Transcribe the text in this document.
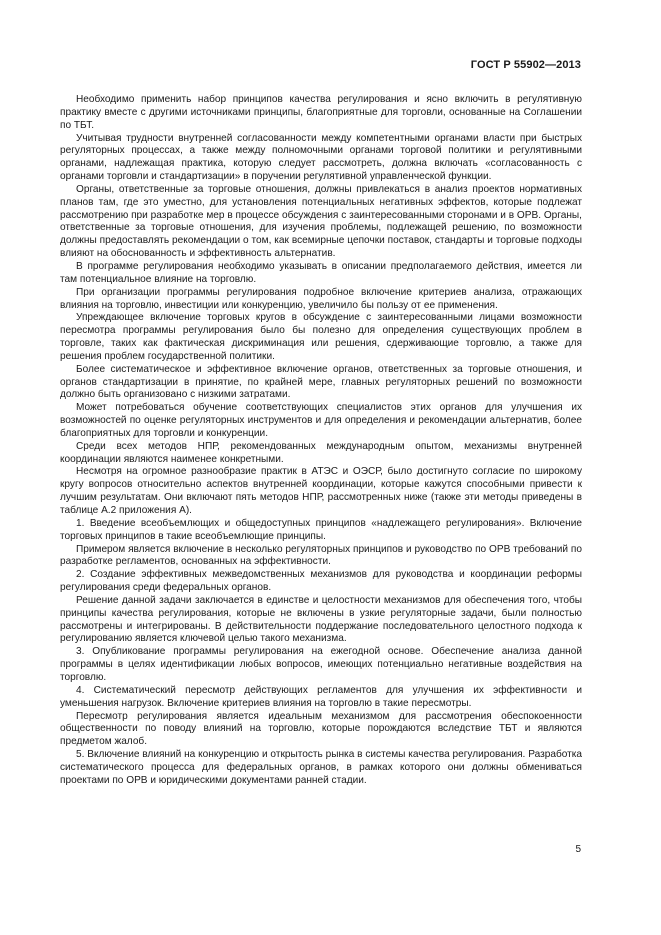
ГОСТ Р 55902—2013

Необходимо применить набор принципов качества регулирования и ясно включить в регулятивную практику вместе с другими источниками принципы, благоприятные для торговли, основанные на Соглашении по ТБТ.

Учитывая трудности внутренней согласованности между компетентными органами власти при быстрых регуляторных процессах, а также между полномочными органами торговой политики и регулятивными органами, надлежащая практика, которую следует рассмотреть, должна включать «согласованность с органами торговли и стандартизации» в поручении регулятивной управленческой функции.

Органы, ответственные за торговые отношения, должны привлекаться в анализ проектов нормативных планов там, где это уместно, для установления потенциальных негативных эффектов, которые подлежат рассмотрению при разработке мер в процессе обсуждения с заинтересованными сторонами и в ОРВ. Органы, ответственные за торговые отношения, для изучения проблемы, подлежащей решению, по возможности должны предоставлять рекомендации о том, как всемирные цепочки поставок, стандарты и торговые подходы влияют на обоснованность и эффективность альтернатив.

В программе регулирования необходимо указывать в описании предполагаемого действия, имеется ли там потенциальное влияние на торговлю.

При организации программы регулирования подробное включение критериев анализа, отражающих влияния на торговлю, инвестиции или конкуренцию, увеличило бы пользу от ее применения.

Упреждающее включение торговых кругов в обсуждение с заинтересованными лицами возможности пересмотра программы регулирования было бы полезно для определения существующих проблем в торговле, таких как фактическая дискриминация или решения, сдерживающие торговлю, а также для решения проблем государственной политики.

Более систематическое и эффективное включение органов, ответственных за торговые отношения, и органов стандартизации в принятие, по крайней мере, главных регуляторных решений по возможности должно быть организовано с низкими затратами.

Может потребоваться обучение соответствующих специалистов этих органов для улучшения их возможностей по оценке регуляторных инструментов и для определения и рекомендации альтернатив, более благоприятных для торговли и конкуренции.

Среди всех методов НПР, рекомендованных международным опытом, механизмы внутренней координации являются наименее конкретными.

Несмотря на огромное разнообразие практик в АТЭС и ОЭСР, было достигнуто согласие по широкому кругу вопросов относительно аспектов внутренней координации, которые кажутся способными привести к лучшим результатам. Они включают пять методов НПР, рассмотренных ниже (также эти методы приведены в таблице А.2 приложения А).

1. Введение всеобъемлющих и общедоступных принципов «надлежащего регулирования». Включение торговых принципов в такие всеобъемлющие принципы.

Примером является включение в несколько регуляторных принципов и руководство по ОРВ требований по разработке регламентов, основанных на эффективности.

2. Создание эффективных межведомственных механизмов для руководства и координации реформы регулирования среди федеральных органов.

Решение данной задачи заключается в единстве и целостности механизмов для обеспечения того, чтобы принципы качества регулирования, которые не включены в узкие регуляторные задачи, были полностью рассмотрены и интегрированы. В действительности поддержание последовательного целостного подхода к регулированию является ключевой целью такого механизма.

3. Опубликование программы регулирования на ежегодной основе. Обеспечение анализа данной программы в целях идентификации любых вопросов, имеющих потенциально негативные воздействия на торговлю.

4. Систематический пересмотр действующих регламентов для улучшения их эффективности и уменьшения нагрузок. Включение критериев влияния на торговлю в такие пересмотры.

Пересмотр регулирования является идеальным механизмом для рассмотрения обеспокоенности общественности по поводу влияний на торговлю, которые порождаются вследствие ТБТ и являются предметом жалоб.

5. Включение влияний на конкуренцию и открытость рынка в системы качества регулирования. Разработка систематического процесса для федеральных органов, в рамках которого они должны обмениваться проектами по ОРВ и юридическими документами ранней стадии.

5
